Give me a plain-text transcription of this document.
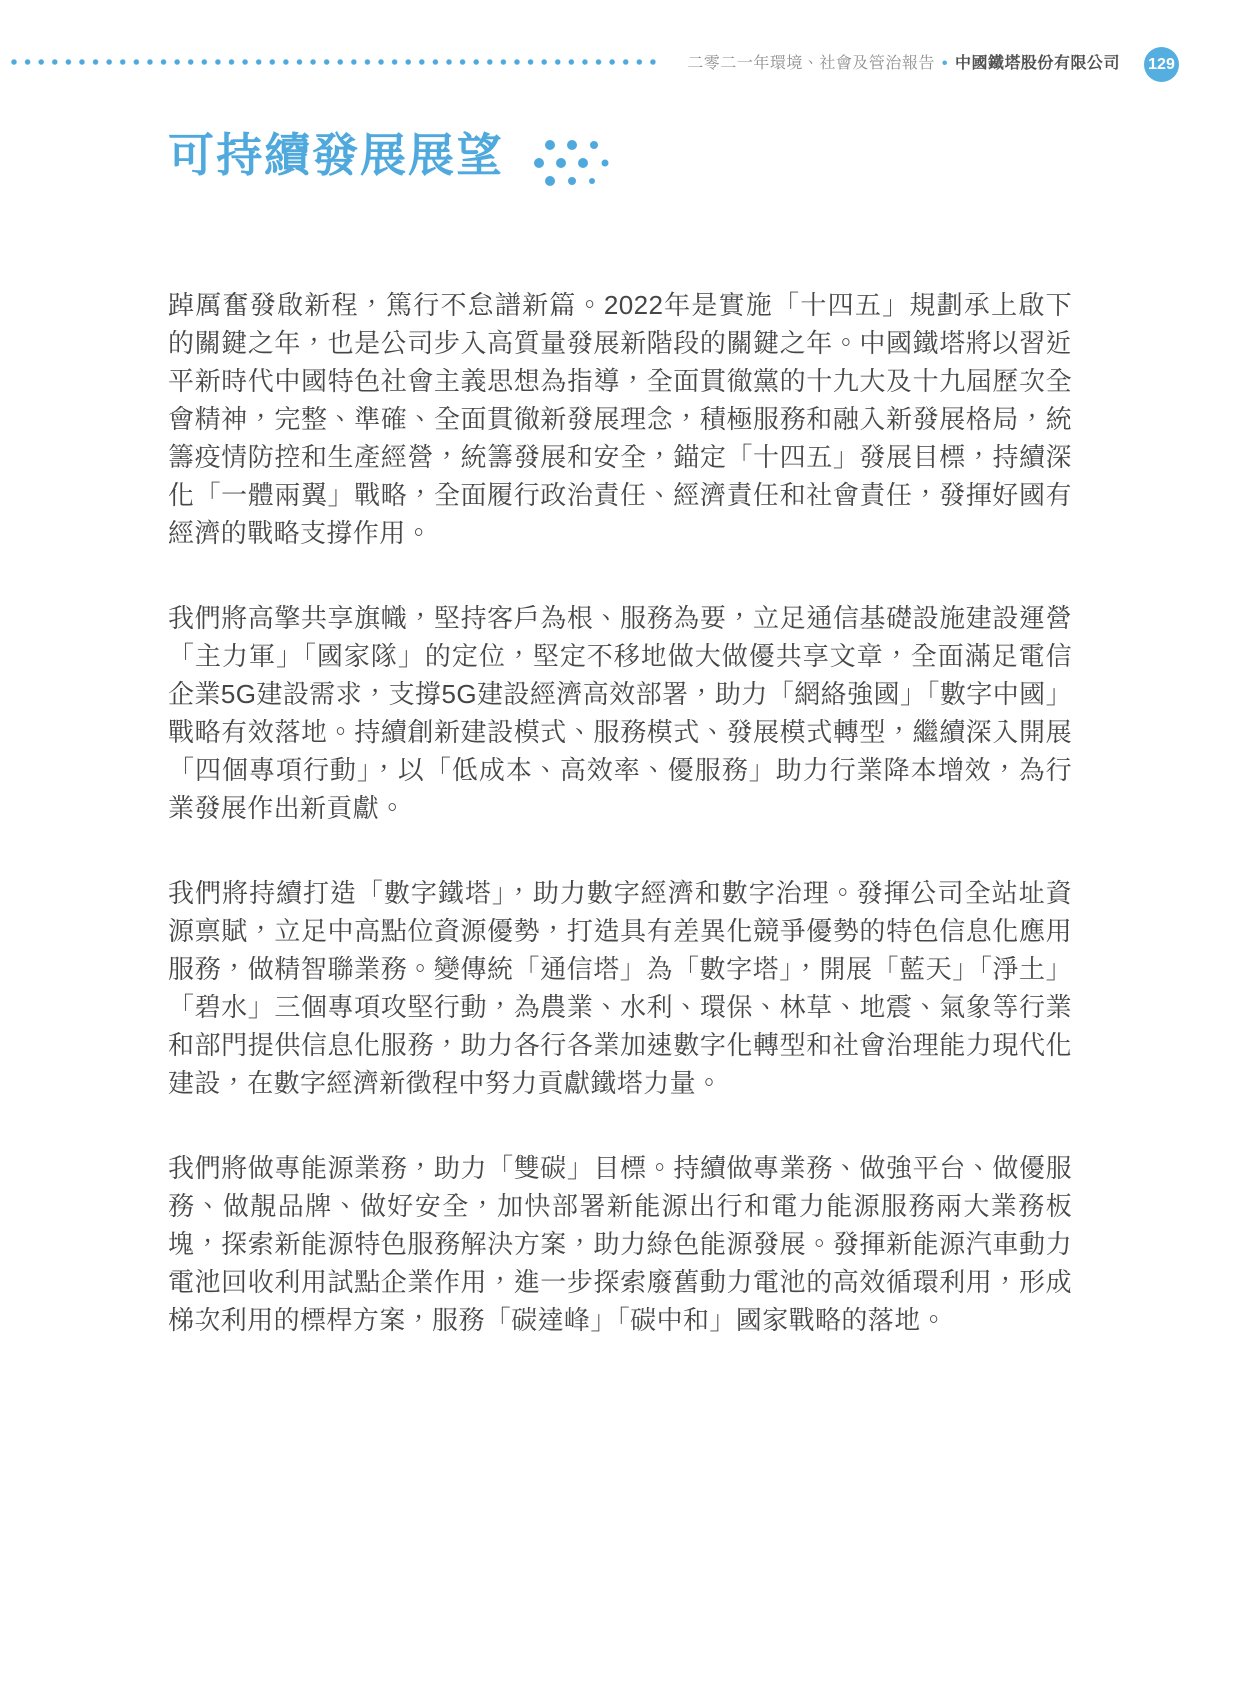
二零二一年環境、社會及管治報告 • 中國鐵塔股份有限公司 129
可持續發展展望

踔厲奮發啟新程，篤行不怠譜新篇。2022年是實施「十四五」規劃承上啟下的關鍵之年，也是公司步入高質量發展新階段的關鍵之年。中國鐵塔將以習近平新時代中國特色社會主義思想為指導，全面貫徹黨的十九大及十九屆歷次全會精神，完整、準確、全面貫徹新發展理念，積極服務和融入新發展格局，統籌疫情防控和生產經營，統籌發展和安全，錨定「十四五」發展目標，持續深化「一體兩翼」戰略，全面履行政治責任、經濟責任和社會責任，發揮好國有經濟的戰略支撐作用。

我們將高擎共享旗幟，堅持客戶為根、服務為要，立足通信基礎設施建設運營「主力軍」「國家隊」的定位，堅定不移地做大做優共享文章，全面滿足電信企業5G建設需求，支撐5G建設經濟高效部署，助力「網絡強國」「數字中國」戰略有效落地。持續創新建設模式、服務模式、發展模式轉型，繼續深入開展「四個專項行動」，以「低成本、高效率、優服務」助力行業降本增效，為行業發展作出新貢獻。

我們將持續打造「數字鐵塔」，助力數字經濟和數字治理。發揮公司全站址資源禀賦，立足中高點位資源優勢，打造具有差異化競爭優勢的特色信息化應用服務，做精智聯業務。變傳統「通信塔」為「數字塔」，開展「藍天」「淨土」「碧水」三個專項攻堅行動，為農業、水利、環保、林草、地震、氣象等行業和部門提供信息化服務，助力各行各業加速數字化轉型和社會治理能力現代化建設，在數字經濟新徵程中努力貢獻鐵塔力量。

我們將做專能源業務，助力「雙碳」目標。持續做專業務、做強平台、做優服務、做靚品牌、做好安全，加快部署新能源出行和電力能源服務兩大業務板塊，探索新能源特色服務解決方案，助力綠色能源發展。發揮新能源汽車動力電池回收利用試點企業作用，進一步探索廢舊動力電池的高效循環利用，形成梯次利用的標桿方案，服務「碳達峰」「碳中和」國家戰略的落地。
